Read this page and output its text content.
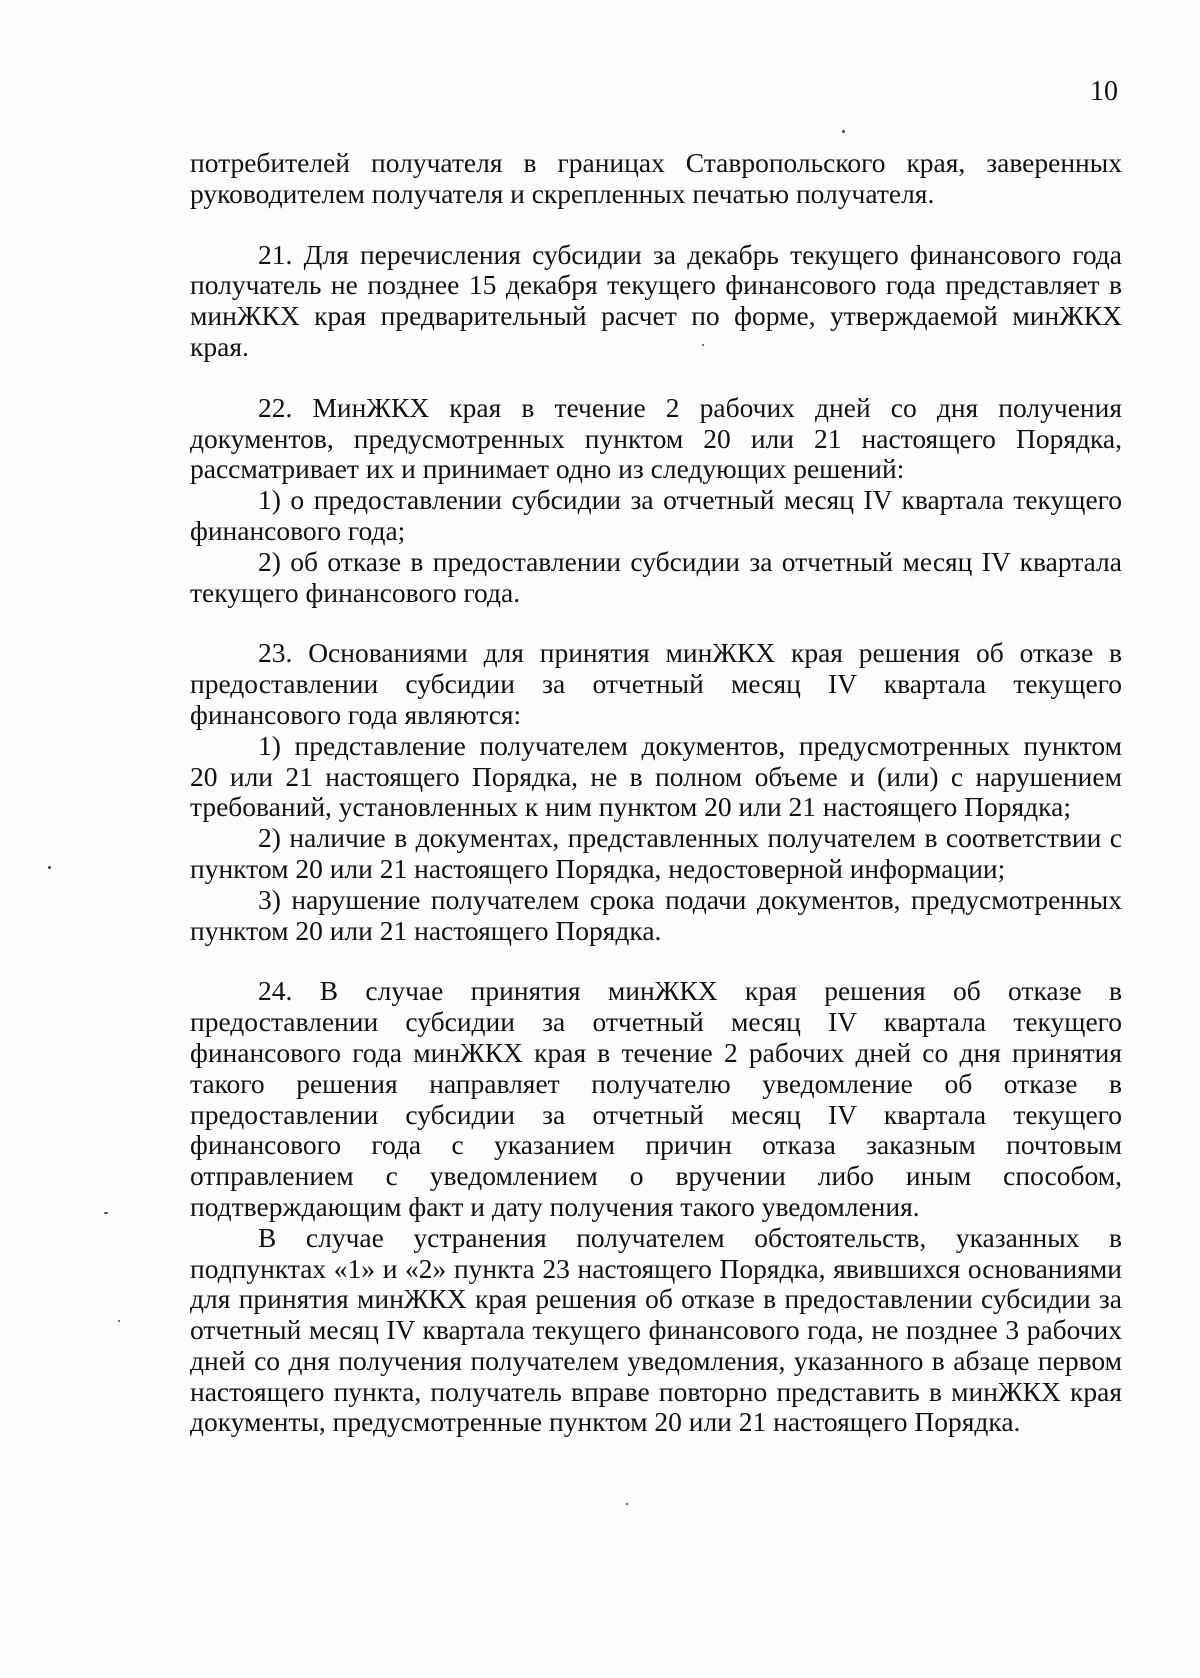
10

потребителей получателя в границах Ставропольского края, заверенных руководителем получателя и скрепленных печатью получателя.

21. Для перечисления субсидии за декабрь текущего финансового года получатель не позднее 15 декабря текущего финансового года представляет в минЖКХ края предварительный расчет по форме, утверждаемой минЖКХ края.

22. МинЖКХ края в течение 2 рабочих дней со дня получения документов, предусмотренных пунктом 20 или 21 настоящего Порядка, рассматривает их и принимает одно из следующих решений:

1) о предоставлении субсидии за отчетный месяц IV квартала текущего финансового года;

2) об отказе в предоставлении субсидии за отчетный месяц IV квартала текущего финансового года.

23. Основаниями для принятия минЖКХ края решения об отказе в предоставлении субсидии за отчетный месяц IV квартала текущего финансового года являются:

1) представление получателем документов, предусмотренных пунктом 20 или 21 настоящего Порядка, не в полном объеме и (или) с нарушением требований, установленных к ним пунктом 20 или 21 настоящего Порядка;

2) наличие в документах, представленных получателем в соответствии с пунктом 20 или 21 настоящего Порядка, недостоверной информации;

3) нарушение получателем срока подачи документов, предусмотренных пунктом 20 или 21 настоящего Порядка.

24. В случае принятия минЖКХ края решения об отказе в предоставлении субсидии за отчетный месяц IV квартала текущего финансового года минЖКХ края в течение 2 рабочих дней со дня принятия такого решения направляет получателю уведомление об отказе в предоставлении субсидии за отчетный месяц IV квартала текущего финансового года с указанием причин отказа заказным почтовым отправлением с уведомлением о вручении либо иным способом, подтверждающим факт и дату получения такого уведомления.

В случае устранения получателем обстоятельств, указанных в подпунктах «1» и «2» пункта 23 настоящего Порядка, явившихся основаниями для принятия минЖКХ края решения об отказе в предоставлении субсидии за отчетный месяц IV квартала текущего финансового года, не позднее 3 рабочих дней со дня получения получателем уведомления, указанного в абзаце первом настоящего пункта, получатель вправе повторно представить в минЖКХ края документы, предусмотренные пунктом 20 или 21 настоящего Порядка.
